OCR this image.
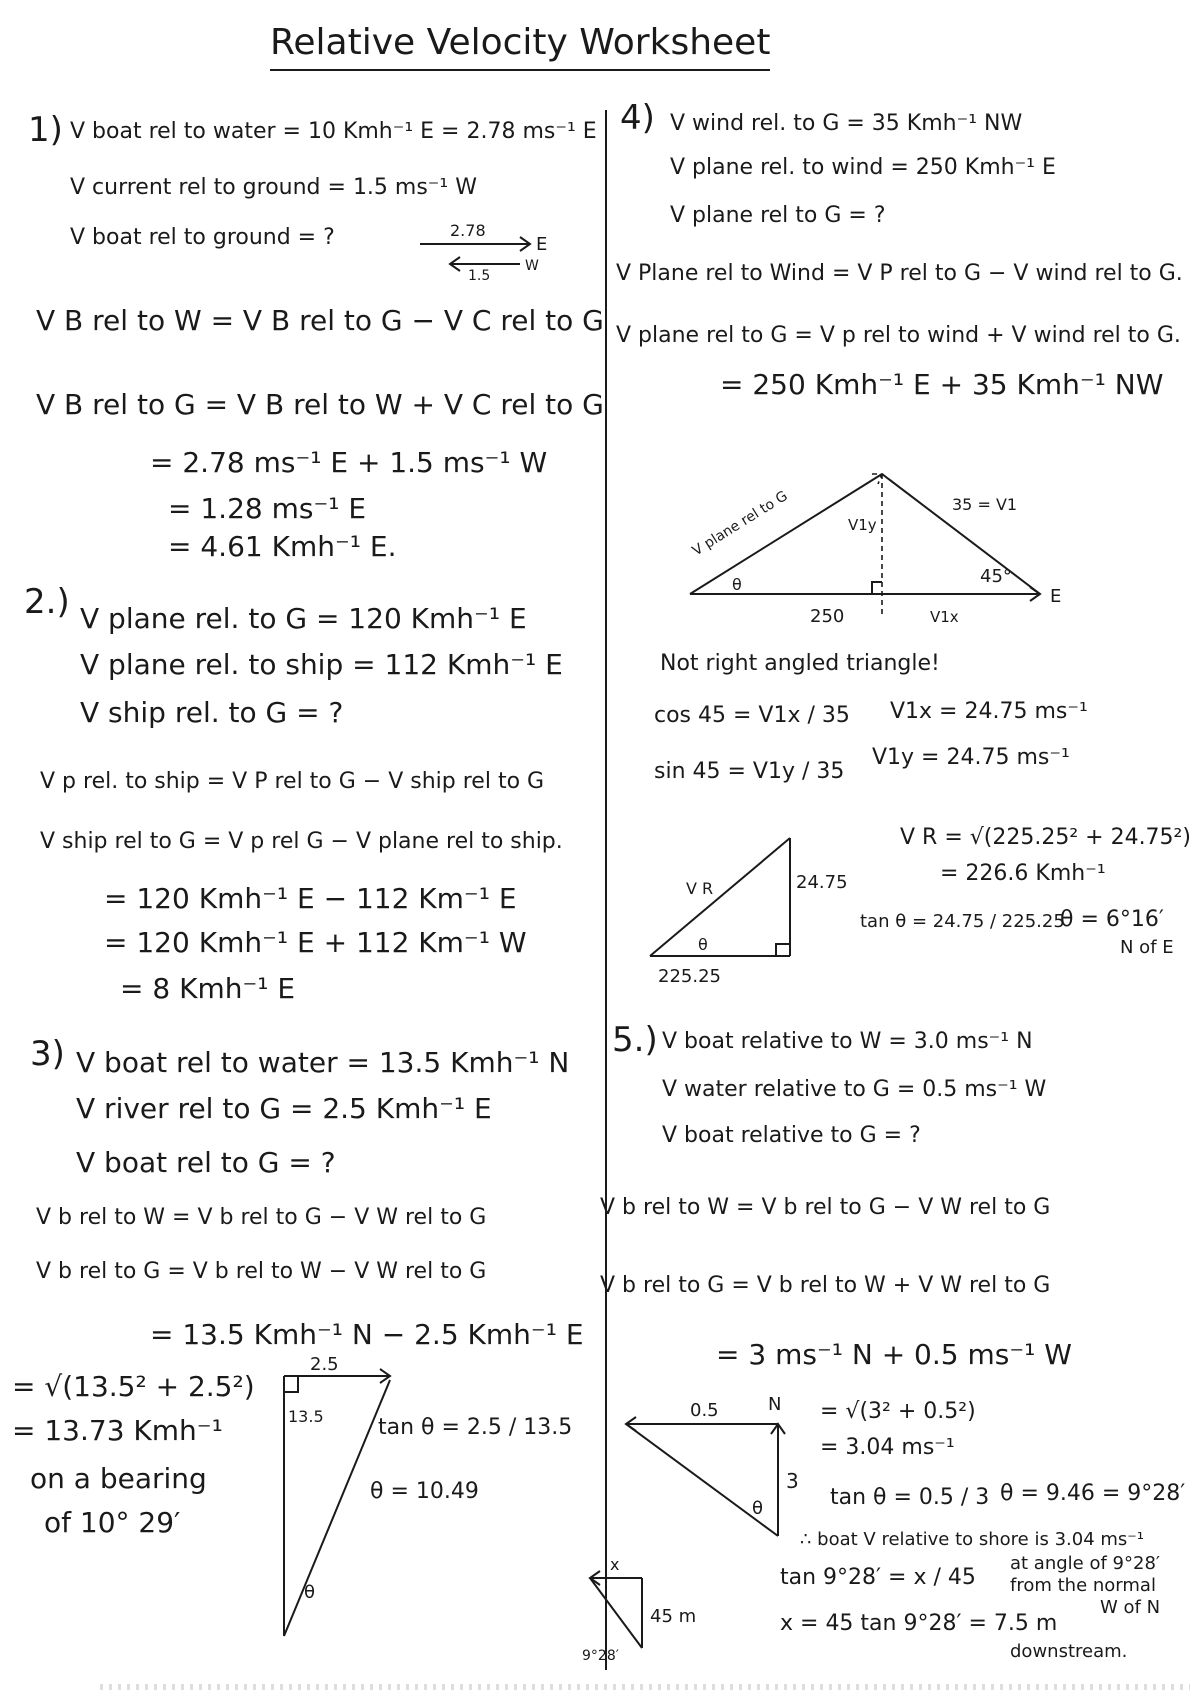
Relative Velocity Worksheet
1) V boat rel to water = 10 Kmh⁻¹ E = 2.78 ms⁻¹ E
V current rel to ground = 1.5 ms⁻¹ W
V boat rel to ground = ?	2.78
E
1.5
W
V B rel to W = V B rel to G − V C rel to G
V B rel to G = V B rel to W + V C rel to G
= 2.78 ms⁻¹ E + 1.5 ms⁻¹ W
= 1.28 ms⁻¹ E
= 4.61 Kmh⁻¹ E.
2.) V plane rel. to G = 120 Kmh⁻¹ E
V plane rel. to ship = 112 Kmh⁻¹ E
V ship rel. to G = ?
V p rel. to ship = V P rel to G − V ship rel to G
V ship rel to G = V p rel G − V plane rel to ship.
= 120 Kmh⁻¹ E − 112 Km⁻¹ E
= 120 Kmh⁻¹ E + 112 Km⁻¹ W
= 8 Kmh⁻¹ E
3) V boat rel to water = 13.5 Kmh⁻¹ N
V river rel to G = 2.5 Kmh⁻¹ E
V boat rel to G = ?
V b rel to W = V b rel to G − V W rel to G
V b rel to G = V b rel to W − V W rel to G
= 13.5 Kmh⁻¹ N − 2.5 Kmh⁻¹ E
= √(13.5² + 2.5²)
= 13.73 Kmh⁻¹
on a bearing
of 10° 29′
2.5
13.5
θ
tan θ = 2.5 / 13.5
θ = 10.49
4) V wind rel. to G = 35 Kmh⁻¹ NW
V plane rel. to wind = 250 Kmh⁻¹ E
V plane rel to G = ?
V Plane rel to Wind = V P rel to G − V wind rel to G.
V plane rel to G = V p rel to wind + V wind rel to G.
= 250 Kmh⁻¹ E + 35 Kmh⁻¹ NW
V plane rel to G	V1y
35 = V1
250	V1x
θ	45°
E
Not right angled triangle!
cos 45 = V1x / 35
sin 45 = V1y / 35
V1x = 24.75 ms⁻¹
V1y = 24.75 ms⁻¹
V R	24.75
225.25
θ
V R = √(225.25² + 24.75²)
= 226.6 Kmh⁻¹
tan θ = 24.75 / 225.25
θ = 6°16′
N of E
5.) V boat relative to W = 3.0 ms⁻¹ N
V water relative to G = 0.5 ms⁻¹ W
V boat relative to G = ?
V b rel to W = V b rel to G − V W rel to G
V b rel to G = V b rel to W + V W rel to G
= 3 ms⁻¹ N + 0.5 ms⁻¹ W
0.5	N
3
θ
= √(3² + 0.5²)
= 3.04 ms⁻¹
tan θ = 0.5 / 3 θ = 9.46 = 9°28′
∴ boat V relative to shore is 3.04 ms⁻¹
at angle of 9°28′
from the normal
W of N
tan 9°28′ = x / 45
x = 45 tan 9°28′ = 7.5 m
downstream.
x
45 m
9°28′
